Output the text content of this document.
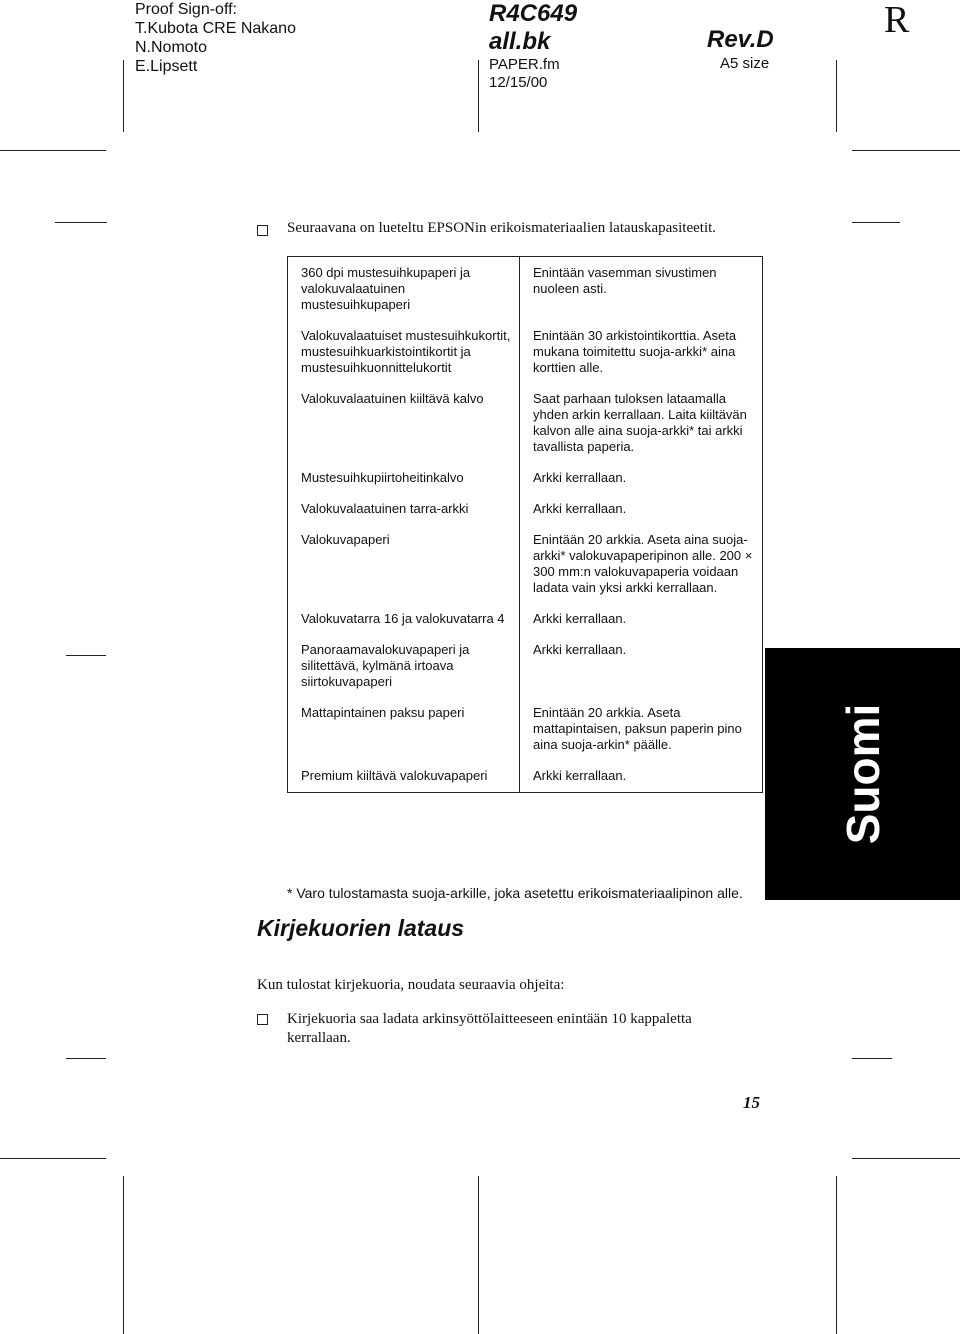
Proof Sign-off:
T.Kubota CRE Nakano
N.Nomoto
E.Lipsett
R4C649
all.bk
PAPER.fm
12/15/00
Rev.D
A5 size
R
Seuraavana on lueteltu EPSONin erikoismateriaalien latauskapasiteetit.
360 dpi mustesuihkupaperi ja valokuvalaatuinen mustesuihkupaperi	Enintään vasemman sivustimen nuoleen asti.
Valokuvalaatuiset mustesuihkukortit, mustesuihkuarkistointikortit ja mustesuihkuonnittelukortit	Enintään 30 arkistointikorttia. Aseta mukana toimitettu suoja-arkki* aina korttien alle.
Valokuvalaatuinen kiiltävä kalvo	Saat parhaan tuloksen lataamalla yhden arkin kerrallaan. Laita kiiltävän kalvon alle aina suoja-arkki* tai arkki tavallista paperia.
Mustesuihkupiirtoheitinkalvo	Arkki kerrallaan.
Valokuvalaatuinen tarra-arkki	Arkki kerrallaan.
Valokuvapaperi	Enintään 20 arkkia. Aseta aina suoja-arkki* valokuvapaperipinon alle. 200 × 300 mm:n valokuvapaperia voidaan ladata vain yksi arkki kerrallaan.
Valokuvatarra 16 ja valokuvatarra 4	Arkki kerrallaan.
Panoraamavalokuvapaperi ja silitettävä, kylmänä irtoava siirtokuvapaperi	Arkki kerrallaan.
Mattapintainen paksu paperi	Enintään 20 arkkia. Aseta mattapintaisen, paksun paperin pino aina suoja-arkin* päälle.
Premium kiiltävä valokuvapaperi	Arkki kerrallaan.
* Varo tulostamasta suoja-arkille, joka asetettu erikoismateriaalipinon alle.
Suomi
Kirjekuorien lataus
Kun tulostat kirjekuoria, noudata seuraavia ohjeita:
Kirjekuoria saa ladata arkinsyöttölaitteeseen enintään 10 kappaletta kerrallaan.
15
